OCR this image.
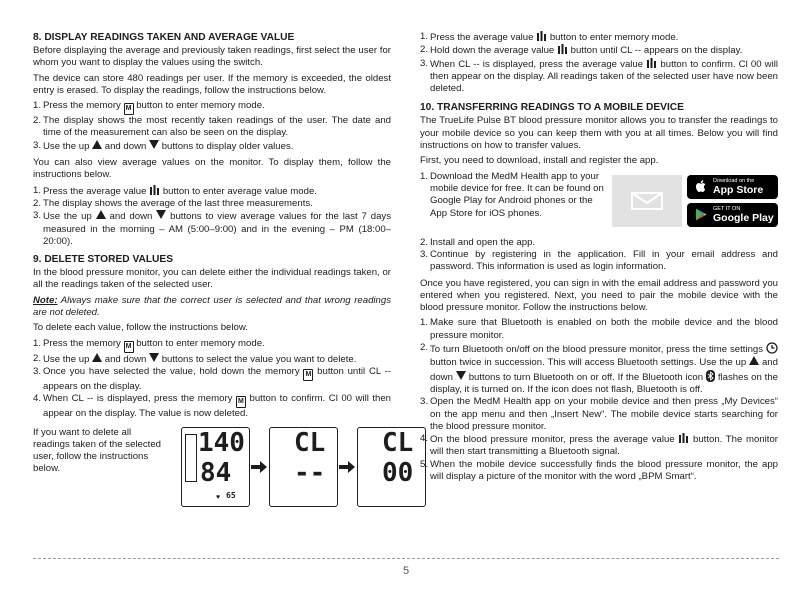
8. DISPLAY READINGS TAKEN AND AVERAGE VALUE

Before displaying the average and previously taken readings, first select the user for whom you want to display the values using the switch.

The device can store 480 readings per user. If the memory is exceeded, the oldest entry is erased. To display the readings, follow the instructions below.

1. Press the memory M button to enter memory mode.
2. The display shows the most recently taken readings of the user. The date and time of the measurement can also be seen on the display.
3. Use the up and down buttons to display older values.

You can also view average values on the monitor. To display them, follow the instructions below.

1. Press the average value button to enter average value mode.
2. The display shows the average of the last three measurements.
3. Use the up and down buttons to view average values for the last 7 days measured in the morning – AM (5:00–9:00) and in the evening – PM (18:00–20:00).
9. DELETE STORED VALUES

In the blood pressure monitor, you can delete either the individual readings taken, or all the readings taken of the selected user.

Note: Always make sure that the correct user is selected and that wrong readings are not deleted.

To delete each value, follow the instructions below.

1. Press the memory M button to enter memory mode.
2. Use the up and down buttons to select the value you want to delete.
3. Once you have selected the value, hold down the memory M button until CL -- appears on the display.
4. When CL -- is displayed, press the memory M button to confirm. Cl 00 will then appear on the display. The value is now deleted.

If you want to delete all readings taken of the selected user, follow the instructions below.

140
84
65
♥
CL
--
CL
00
1. Press the average value button to enter memory mode.
2. Hold down the average value button until CL -- appears on the display.
3. When CL -- is displayed, press the average value button to confirm. Cl 00 will then appear on the display. All readings taken of the selected user have now been deleted.
10. TRANSFERRING READINGS TO A MOBILE DEVICE

The TrueLife Pulse BT blood pressure monitor allows you to transfer the readings to your mobile device so you can keep them with you at all times. Below you will find instructions on how to transfer values.

First, you need to download, install and register the app.

1. Download the MedM Health app to your mobile device for free. It can be found on Google Play for Android phones or the App Store for iOS phones.
Download on the
App Store
GET IT ON
Google Play
2. Install and open the app.
3. Continue by registering in the application. Fill in your email address and password. This information is used as login information.

Once you have registered, you can sign in with the email address and password you entered when you registered. Next, you need to pair the mobile device with the blood pressure monitor. Follow the instructions below.

1. Make sure that Bluetooth is enabled on both the mobile device and the blood pressure monitor.
2. To turn Bluetooth on/off on the blood pressure monitor, press the time settings  button twice in succession. This will access Bluetooth settings. Use the up and down buttons to turn Bluetooth on or off. If the Bluetooth icon flashes on the display, it is turned on. If the icon does not flash, Bluetooth is off.
3. Open the MedM Health app on your mobile device and then press „My Devices“ on the app menu and then „Insert New“. The mobile device starts searching for the blood pressure monitor.
4. On the blood pressure monitor, press the average value button. The monitor will then start transmitting a Bluetooth signal.
5. When the mobile device successfully finds the blood pressure monitor, the app will display a picture of the monitor with the word „BPM Smart“.
5
